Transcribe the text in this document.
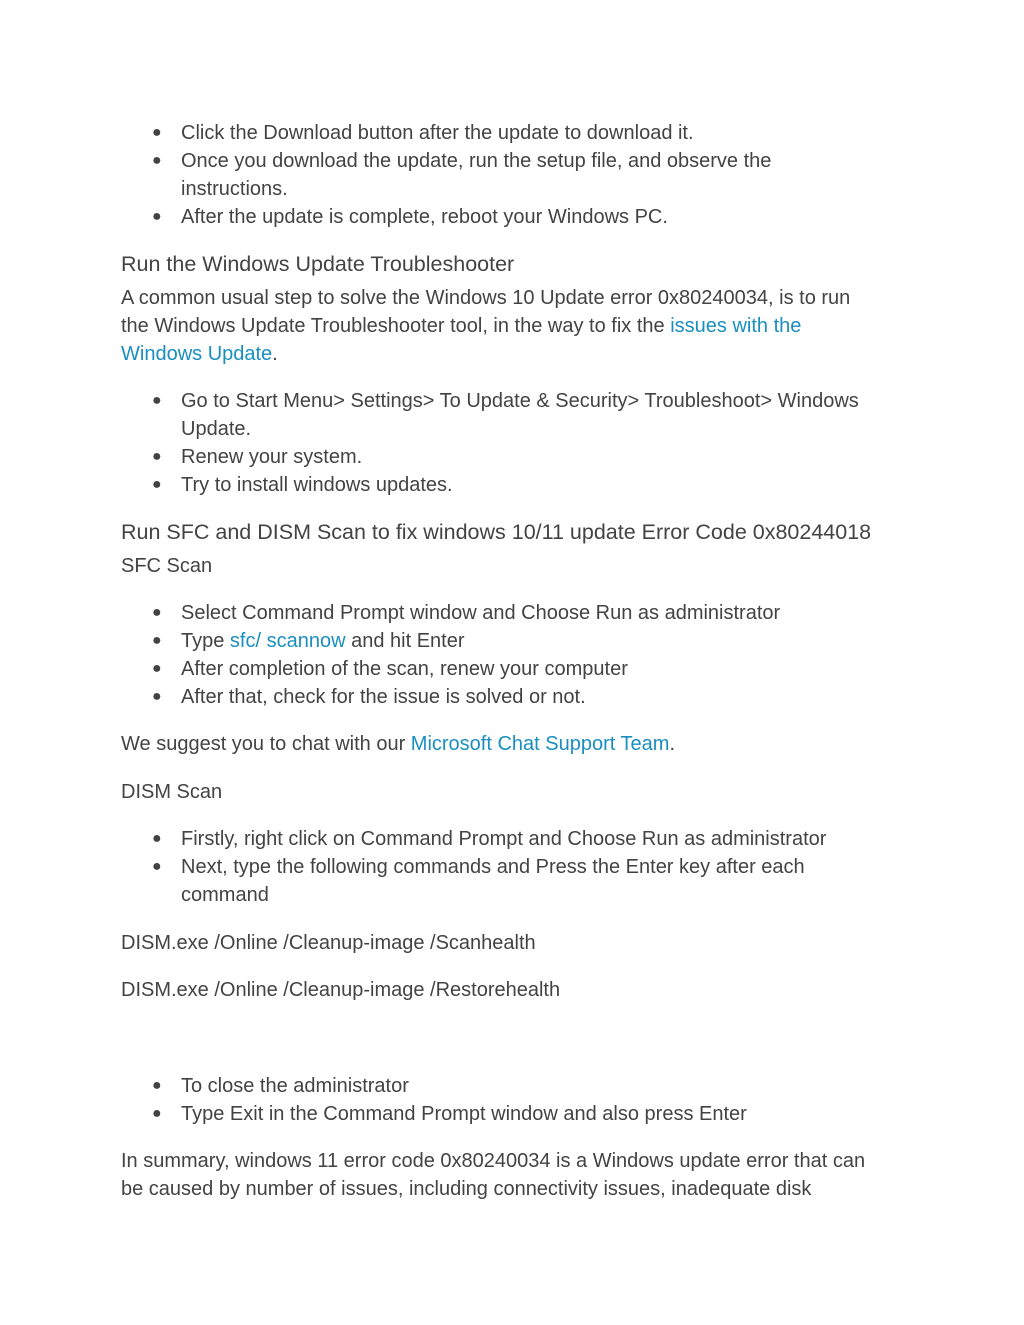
● Click the Download button after the update to download it.
● Once you download the update, run the setup file, and observe the
instructions.
● After the update is complete, reboot your Windows PC.

Run the Windows Update Troubleshooter

A common usual step to solve the Windows 10 Update error 0x80240034, is to run
the Windows Update Troubleshooter tool, in the way to fix the issues with the
Windows Update.

● Go to Start Menu> Settings> To Update & Security> Troubleshoot> Windows
Update.
● Renew your system.
● Try to install windows updates.

Run SFC and DISM Scan to fix windows 10/11 update Error Code 0x80244018

SFC Scan

● Select Command Prompt window and Choose Run as administrator
● Type sfc/ scannow and hit Enter
● After completion of the scan, renew your computer
● After that, check for the issue is solved or not.

We suggest you to chat with our Microsoft Chat Support Team.

DISM Scan

● Firstly, right click on Command Prompt and Choose Run as administrator
● Next, type the following commands and Press the Enter key after each
command

DISM.exe /Online /Cleanup-image /Scanhealth

DISM.exe /Online /Cleanup-image /Restorehealth

● To close the administrator
● Type Exit in the Command Prompt window and also press Enter

In summary, windows 11 error code 0x80240034 is a Windows update error that can
be caused by number of issues, including connectivity issues, inadequate disk
